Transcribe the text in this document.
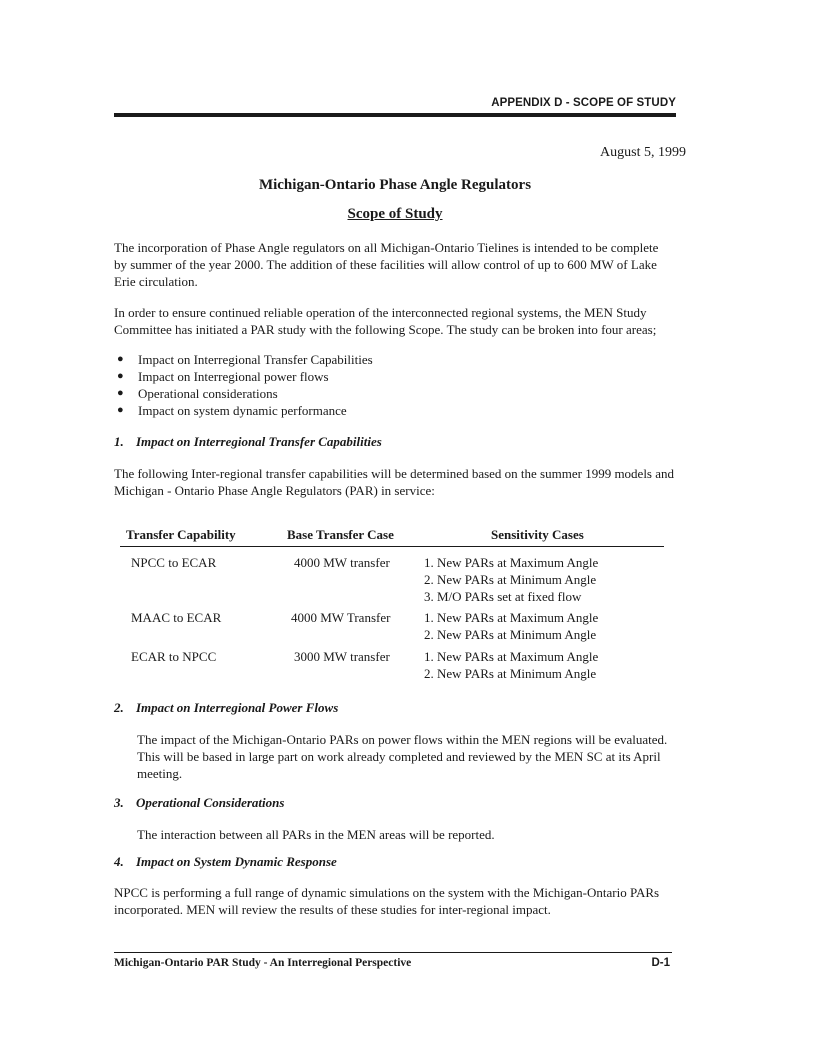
APPENDIX D - SCOPE OF STUDY
August 5, 1999
Michigan-Ontario Phase Angle Regulators
Scope of Study

The incorporation of Phase Angle regulators on all Michigan-Ontario Tielines is intended to be complete by summer of the year 2000. The addition of these facilities will allow control of up to 600 MW of Lake Erie circulation.

In order to ensure continued reliable operation of the interconnected regional systems, the MEN Study Committee has initiated a PAR study with the following Scope. The study can be broken into four areas;

● Impact on Interregional Transfer Capabilities
● Impact on Interregional power flows
● Operational considerations
● Impact on system dynamic performance

1. Impact on Interregional Transfer Capabilities

The following Inter-regional transfer capabilities will be determined based on the summer 1999 models and Michigan - Ontario Phase Angle Regulators (PAR) in service:

Transfer Capability	Base Transfer Case	Sensitivity Cases
NPCC to ECAR	4000 MW transfer	1. New PARs at Maximum Angle
2. New PARs at Minimum Angle
3. M/O PARs set at fixed flow
MAAC to ECAR	4000 MW Transfer	1. New PARs at Maximum Angle
2. New PARs at Minimum Angle
ECAR to NPCC	3000 MW transfer	1. New PARs at Maximum Angle
2. New PARs at Minimum Angle

2. Impact on Interregional Power Flows

The impact of the Michigan-Ontario PARs on power flows within the MEN regions will be evaluated. This will be based in large part on work already completed and reviewed by the MEN SC at its April meeting.

3. Operational Considerations

The interaction between all PARs in the MEN areas will be reported.

4. Impact on System Dynamic Response

NPCC is performing a full range of dynamic simulations on the system with the Michigan-Ontario PARs incorporated. MEN will review the results of these studies for inter-regional impact.

Michigan-Ontario PAR Study - An Interregional Perspective	D-1
